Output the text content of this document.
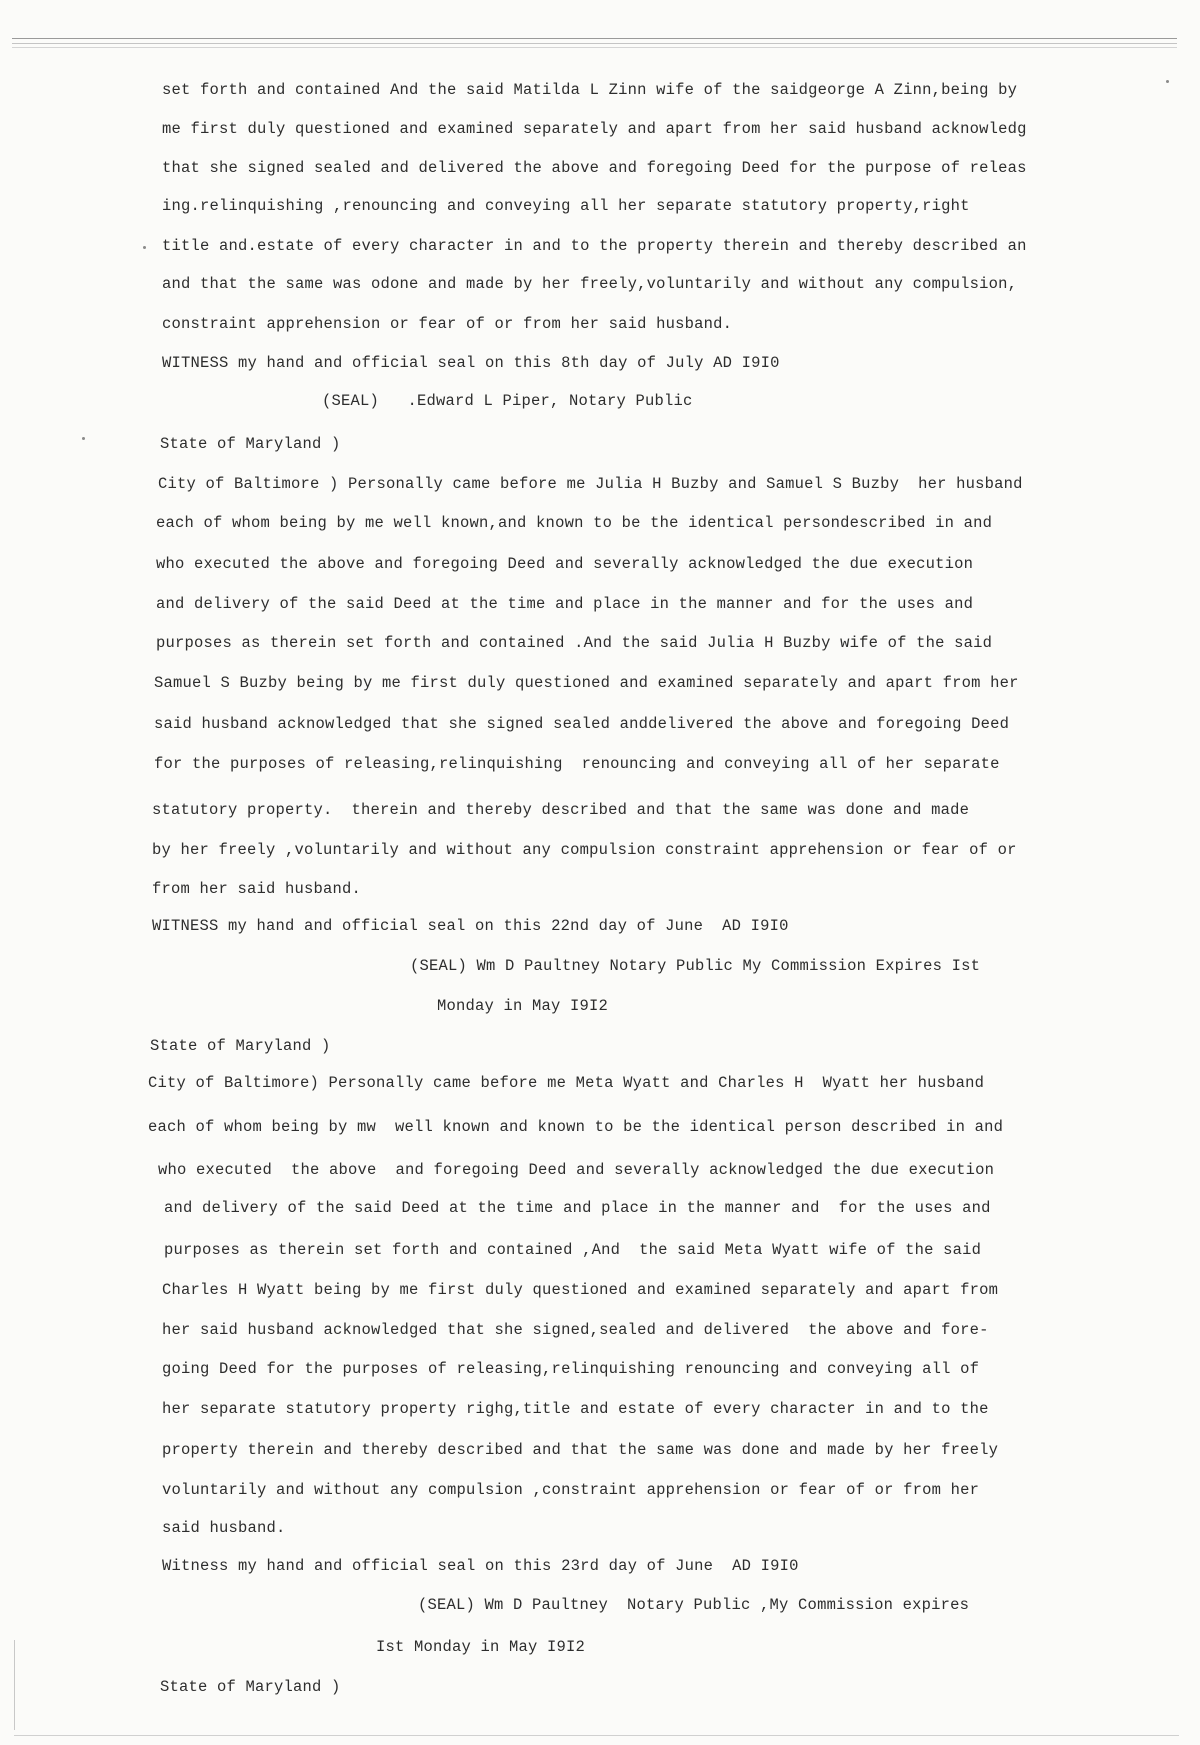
set forth and contained And the said Matilda L Zinn wife of the saidgeorge A Zinn,being by

me first duly questioned and examined separately and apart from her said husband acknowledg

that she signed sealed and delivered the above and foregoing Deed for the purpose of releas

ing.relinquishing ,renouncing and conveying all her separate statutory property,right

title and.estate of every character in and to the property therein and thereby described an

and that the same was odone and made by her freely,voluntarily and without any compulsion,

constraint apprehension or fear of or from her said husband.

WITNESS my hand and official seal on this 8th day of July AD I9I0

(SEAL)   .Edward L Piper, Notary Public

State of Maryland )

City of Baltimore ) Personally came before me Julia H Buzby and Samuel S Buzby  her husband

each of whom being by me well known,and known to be the identical persondescribed in and

who executed the above and foregoing Deed and severally acknowledged the due execution

and delivery of the said Deed at the time and place in the manner and for the uses and

purposes as therein set forth and contained .And the said Julia H Buzby wife of the said

Samuel S Buzby being by me first duly questioned and examined separately and apart from her

said husband acknowledged that she signed sealed anddelivered the above and foregoing Deed

for the purposes of releasing,relinquishing  renouncing and conveying all of her separate

statutory property.  therein and thereby described and that the same was done and made

by her freely ,voluntarily and without any compulsion constraint apprehension or fear of or

from her said husband.

WITNESS my hand and official seal on this 22nd day of June  AD I9I0

(SEAL) Wm D Paultney Notary Public My Commission Expires Ist

Monday in May I9I2

State of Maryland )

City of Baltimore) Personally came before me Meta Wyatt and Charles H  Wyatt her husband

each of whom being by mw  well known and known to be the identical person described in and

who executed  the above  and foregoing Deed and severally acknowledged the due execution

and delivery of the said Deed at the time and place in the manner and  for the uses and

purposes as therein set forth and contained ,And  the said Meta Wyatt wife of the said

Charles H Wyatt being by me first duly questioned and examined separately and apart from

her said husband acknowledged that she signed,sealed and delivered  the above and fore-

going Deed for the purposes of releasing,relinquishing renouncing and conveying all of

her separate statutory property righg,title and estate of every character in and to the

property therein and thereby described and that the same was done and made by her freely

voluntarily and without any compulsion ,constraint apprehension or fear of or from her

said husband.

Witness my hand and official seal on this 23rd day of June  AD I9I0

(SEAL) Wm D Paultney  Notary Public ,My Commission expires

Ist Monday in May I9I2

State of Maryland )
